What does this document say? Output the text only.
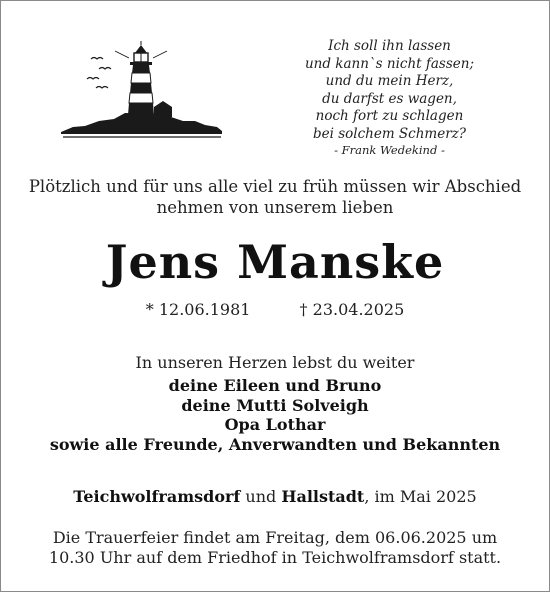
Ich soll ihn lassen
und kann`s nicht fassen;
und du mein Herz,
du darfst es wagen,
noch fort zu schlagen
bei solchem Schmerz?
- Frank Wedekind -
Plötzlich und für uns alle viel zu früh müssen wir Abschied
nehmen von unserem lieben
Jens Manske
* 12.06.1981	† 23.04.2025
In unseren Herzen lebst du weiter
deine Eileen und Bruno
deine Mutti Solveigh
Opa Lothar
sowie alle Freunde, Anverwandten und Bekannten
Teichwolframsdorf und Hallstadt, im Mai 2025
Die Trauerfeier findet am Freitag, dem 06.06.2025 um
10.30 Uhr auf dem Friedhof in Teichwolframsdorf statt.
